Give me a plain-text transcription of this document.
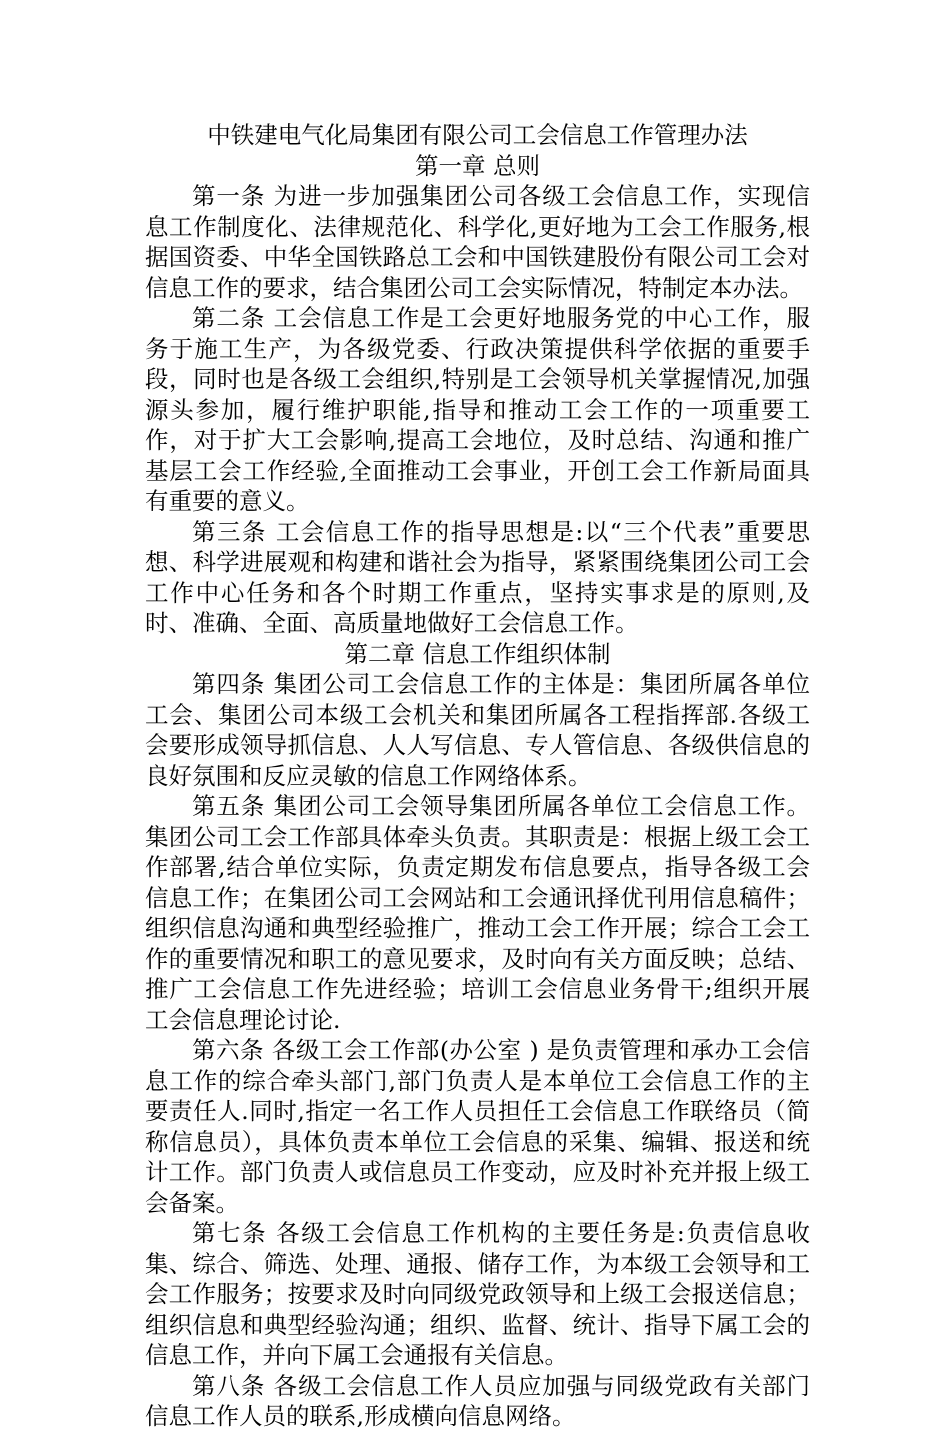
中铁建电气化局集团有限公司工会信息工作管理办法
第一章 总则

第一条 为进一步加强集团公司各级工会信息工作，实现信息工作制度化、法律规范化、科学化,更好地为工会工作服务,根据国资委、中华全国铁路总工会和中国铁建股份有限公司工会对信息工作的要求，结合集团公司工会实际情况，特制定本办法。

第二条 工会信息工作是工会更好地服务党的中心工作，服务于施工生产，为各级党委、行政决策提供科学依据的重要手段，同时也是各级工会组织,特别是工会领导机关掌握情况,加强源头参加，履行维护职能,指导和推动工会工作的一项重要工作，对于扩大工会影响,提高工会地位，及时总结、沟通和推广基层工会工作经验,全面推动工会事业，开创工会工作新局面具有重要的意义。

第三条 工会信息工作的指导思想是:以“三个代表”重要思想、科学进展观和构建和谐社会为指导，紧紧围绕集团公司工会工作中心任务和各个时期工作重点，坚持实事求是的原则,及时、准确、全面、高质量地做好工会信息工作。

第二章 信息工作组织体制

第四条 集团公司工会信息工作的主体是：集团所属各单位工会、集团公司本级工会机关和集团所属各工程指挥部.各级工会要形成领导抓信息、人人写信息、专人管信息、各级供信息的良好氛围和反应灵敏的信息工作网络体系。

第五条 集团公司工会领导集团所属各单位工会信息工作。集团公司工会工作部具体牵头负责。其职责是：根据上级工会工作部署,结合单位实际，负责定期发布信息要点，指导各级工会信息工作；在集团公司工会网站和工会通讯择优刊用信息稿件；组织信息沟通和典型经验推广，推动工会工作开展；综合工会工作的重要情况和职工的意见要求，及时向有关方面反映；总结、推广工会信息工作先进经验；培训工会信息业务骨干;组织开展工会信息理论讨论.

第六条 各级工会工作部(办公室 ) 是负责管理和承办工会信息工作的综合牵头部门,部门负责人是本单位工会信息工作的主要责任人.同时,指定一名工作人员担任工会信息工作联络员（简称信息员），具体负责本单位工会信息的采集、编辑、报送和统计工作。部门负责人或信息员工作变动，应及时补充并报上级工会备案。

第七条 各级工会信息工作机构的主要任务是:负责信息收集、综合、筛选、处理、通报、储存工作，为本级工会领导和工会工作服务；按要求及时向同级党政领导和上级工会报送信息；组织信息和典型经验沟通；组织、监督、统计、指导下属工会的信息工作，并向下属工会通报有关信息。

第八条 各级工会信息工作人员应加强与同级党政有关部门信息工作人员的联系,形成横向信息网络。
